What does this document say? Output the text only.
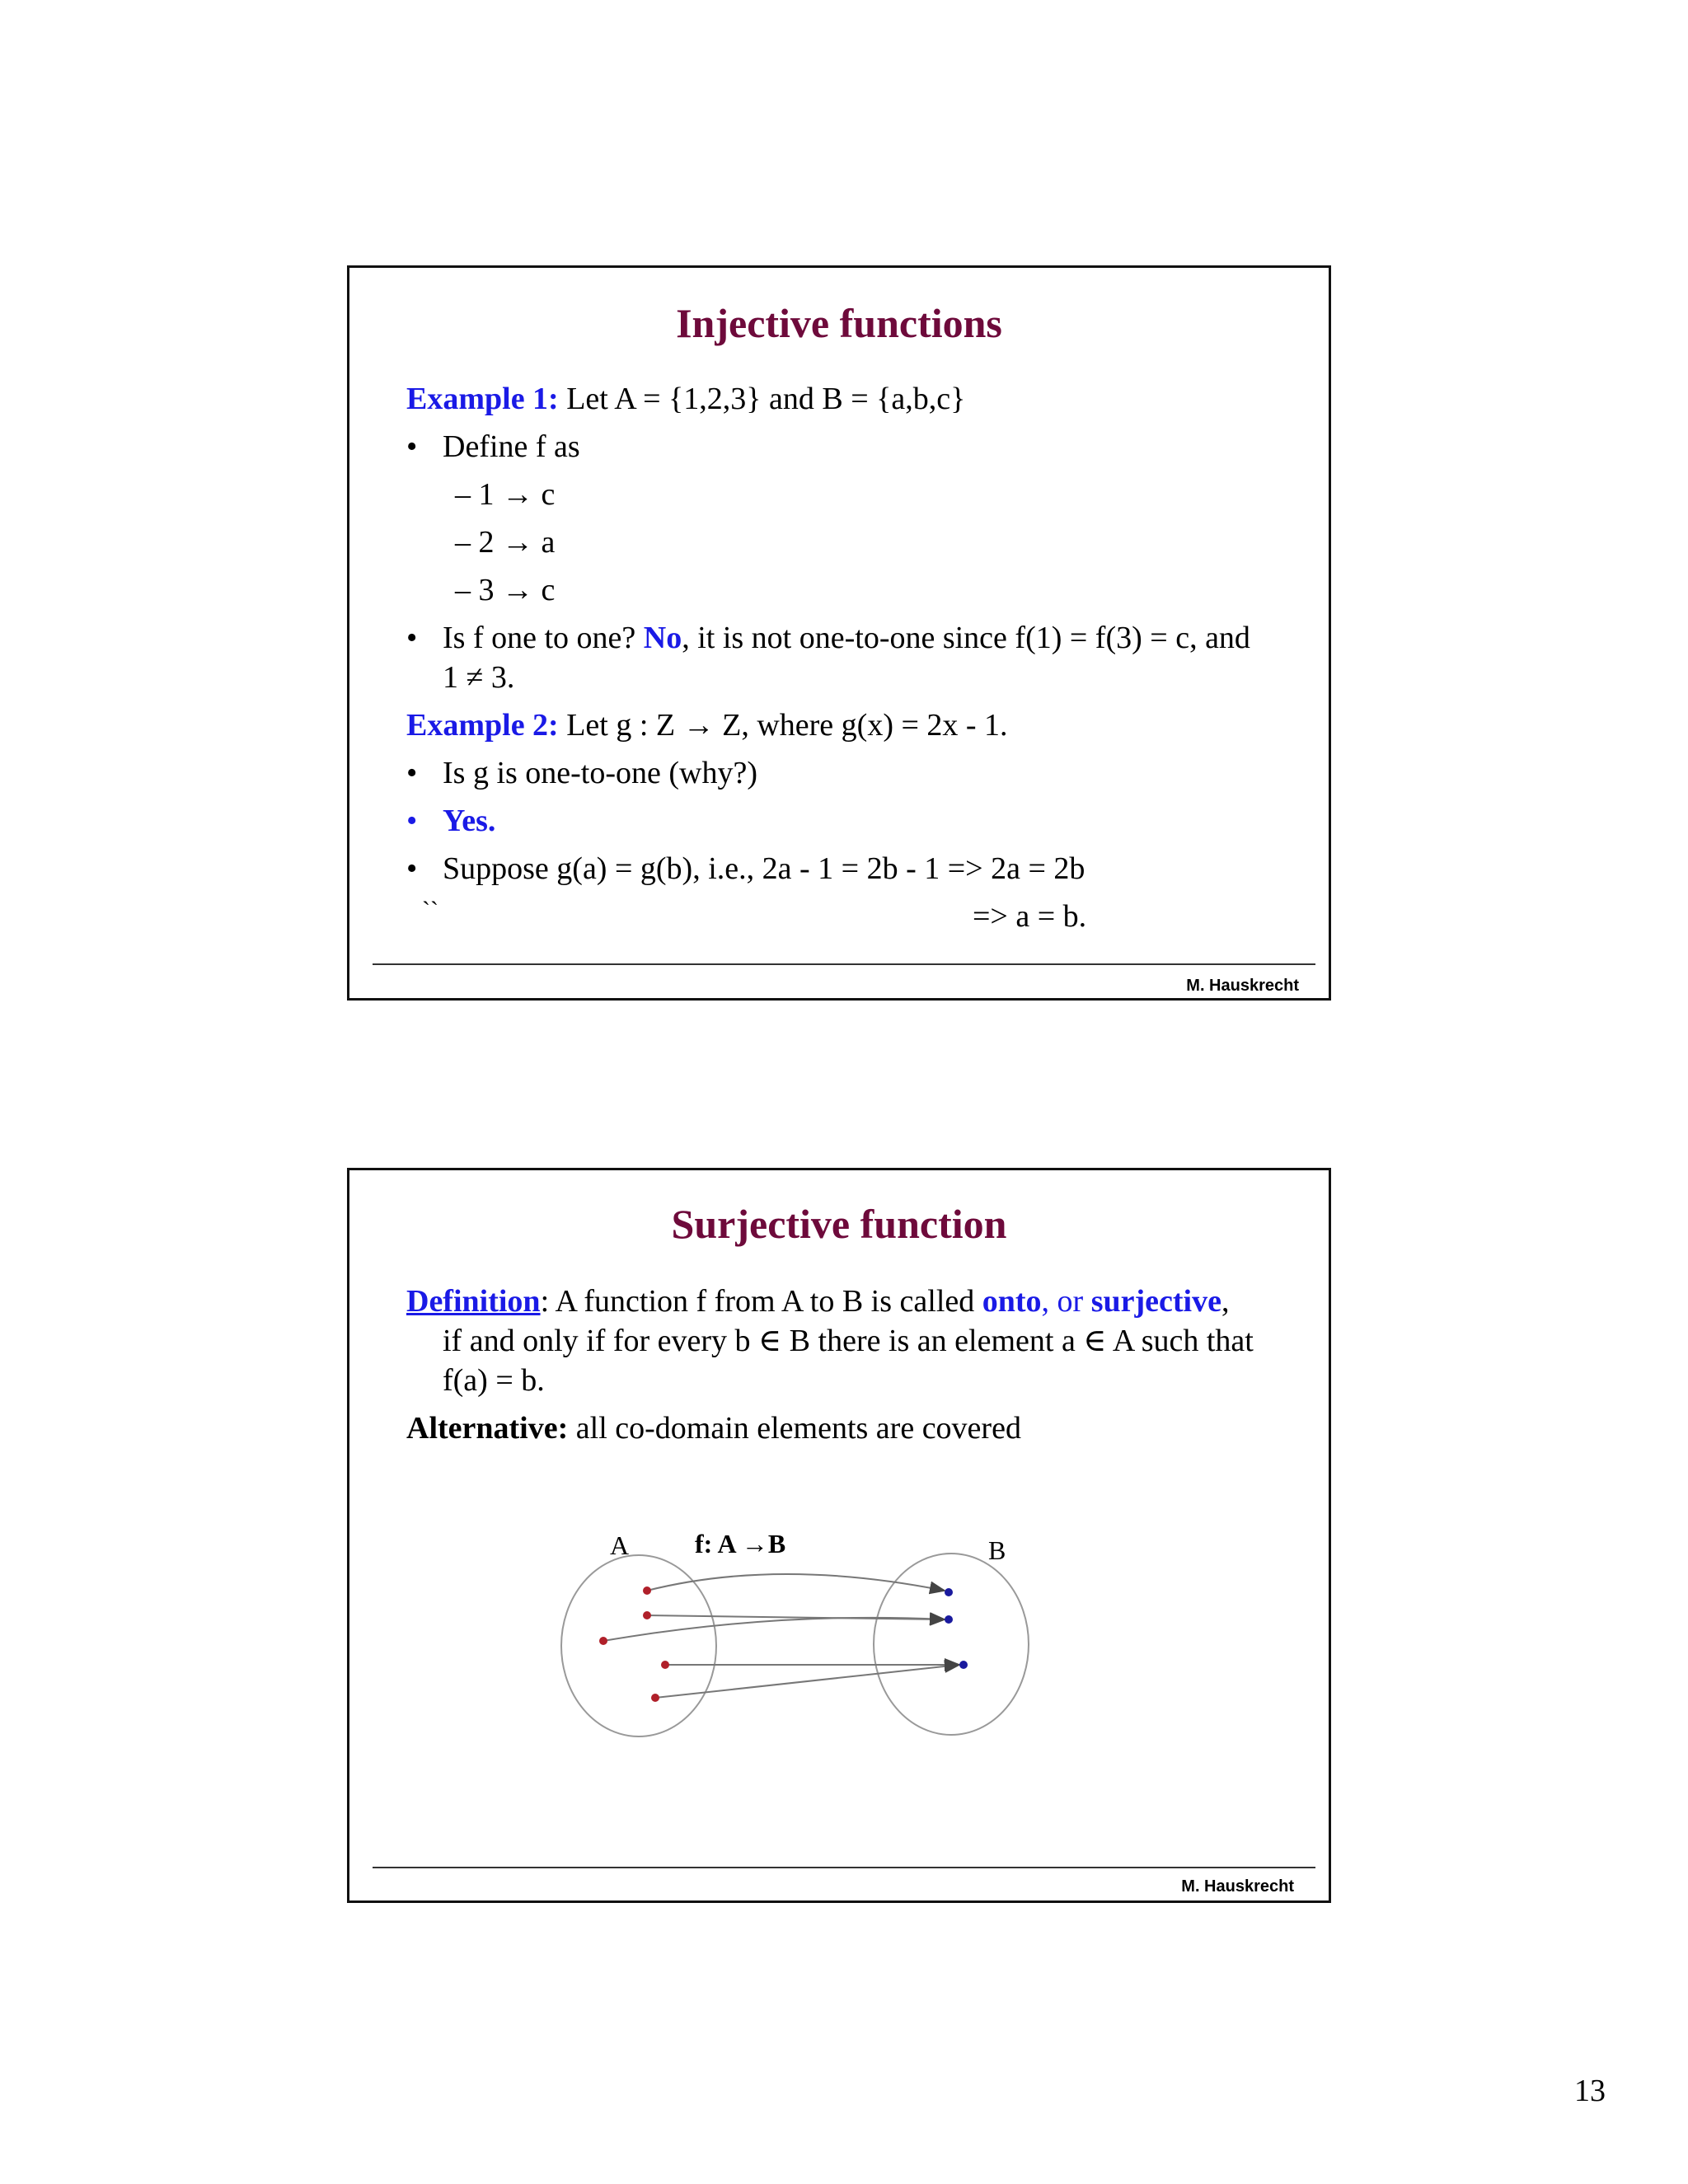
Injective functions
Example 1: Let A = {1,2,3} and B = {a,b,c}
• Define f as
– 1 → c
– 2 → a
– 3 → c
• Is f one to one? No, it is not one-to-one since f(1) = f(3) = c, and
1 ≠ 3.
Example 2: Let g : Z → Z, where g(x) = 2x - 1.
• Is g is one-to-one (why?)
• Yes.
• Suppose g(a) = g(b), i.e., 2a - 1 = 2b - 1 => 2a = 2b
``	=> a = b.
M. Hauskrecht
Surjective function
Definition: A function f from A to B is called onto, or surjective,
if and only if for every b ∈ B there is an element a ∈ A such that
f(a) = b.
Alternative: all co-domain elements are covered
A f: A →B	B
M. Hauskrecht
13
